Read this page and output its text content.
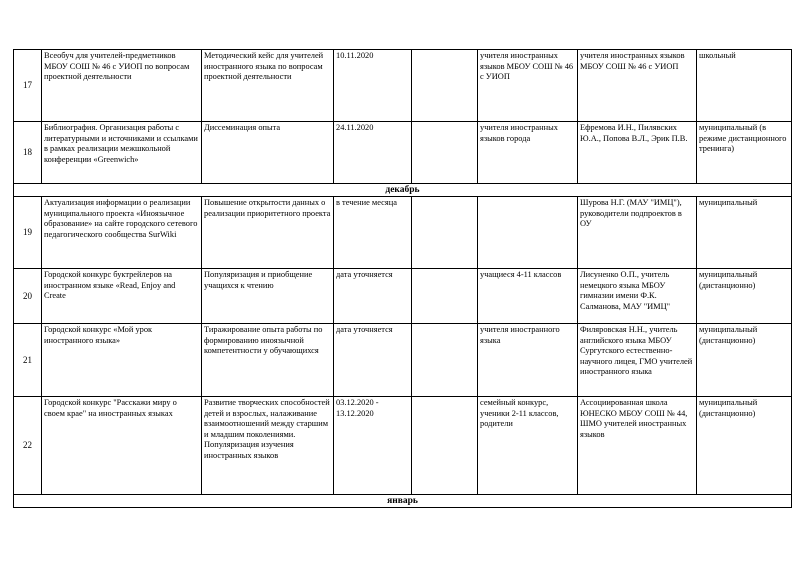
17	Всеобуч для учителей-предметников МБОУ СОШ № 46 с УИОП по вопросам проектной деятельности	Методический кейс для учителей иностранного языка по вопросам проектной деятельности	10.11.2020		учителя иностранных языков МБОУ СОШ № 46 с УИОП	учителя иностранных языков МБОУ СОШ № 46 с УИОП	школьный
18	Библиография. Организация работы с литературными и источниками и ссылками в рамках реализации межшкольной конференции «Greenwich»	Диссеминация опыта	24.11.2020		учителя иностранных языков города	Ефремова И.Н., Пилявских Ю.А., Попова В.Л., Эрик П.В.	муниципальный (в режиме дистанционного тренинга)
декабрь							
19	Актуализация информации о реализации муниципального проекта «Иноязычное образование» на сайте городского сетевого педагогического сообщества SurWiki	Повышение открытости данных о реализации приоритетного проекта	в течение месяца			Шурова Н.Г. (МАУ "ИМЦ"), руководители подпроектов в ОУ	муниципальный
20	Городской конкурс буктрейлеров на иностранном языке «Read, Enjoy and Create	Популяризация и приобщение учащихся к чтению	дата уточняется		учащиеся 4-11 классов	Лисуненко О.П., учитель немецкого языка МБОУ гимназии имени Ф.К. Салманова, МАУ "ИМЦ"	муниципальный (дистанционно)
21	Городской конкурс «Мой урок иностранного языка»	Тиражирование опыта работы по формированию иноязычной компетентности у обучающихся	дата уточняется		учителя иностранного языка	Филяровская Н.Н., учитель английского языка МБОУ Сургутского естественно-научного лицея, ГМО учителей иностранного языка	муниципальный (дистанционно)
22	Городской конкурс "Расскажи миру о своем крае" на иностранных языках	Развитие творческих способностей детей и взрослых, налаживание взаимоотношений между старшим и младшим поколениями. Популяризация изучения иностранных языков	03.12.2020 - 13.12.2020		семейный конкурс, ученики 2-11 классов, родители	Ассоциированная школа ЮНЕСКО МБОУ СОШ № 44, ШМО учителей иностранных языков	муниципальный (дистанционно)
январь							
